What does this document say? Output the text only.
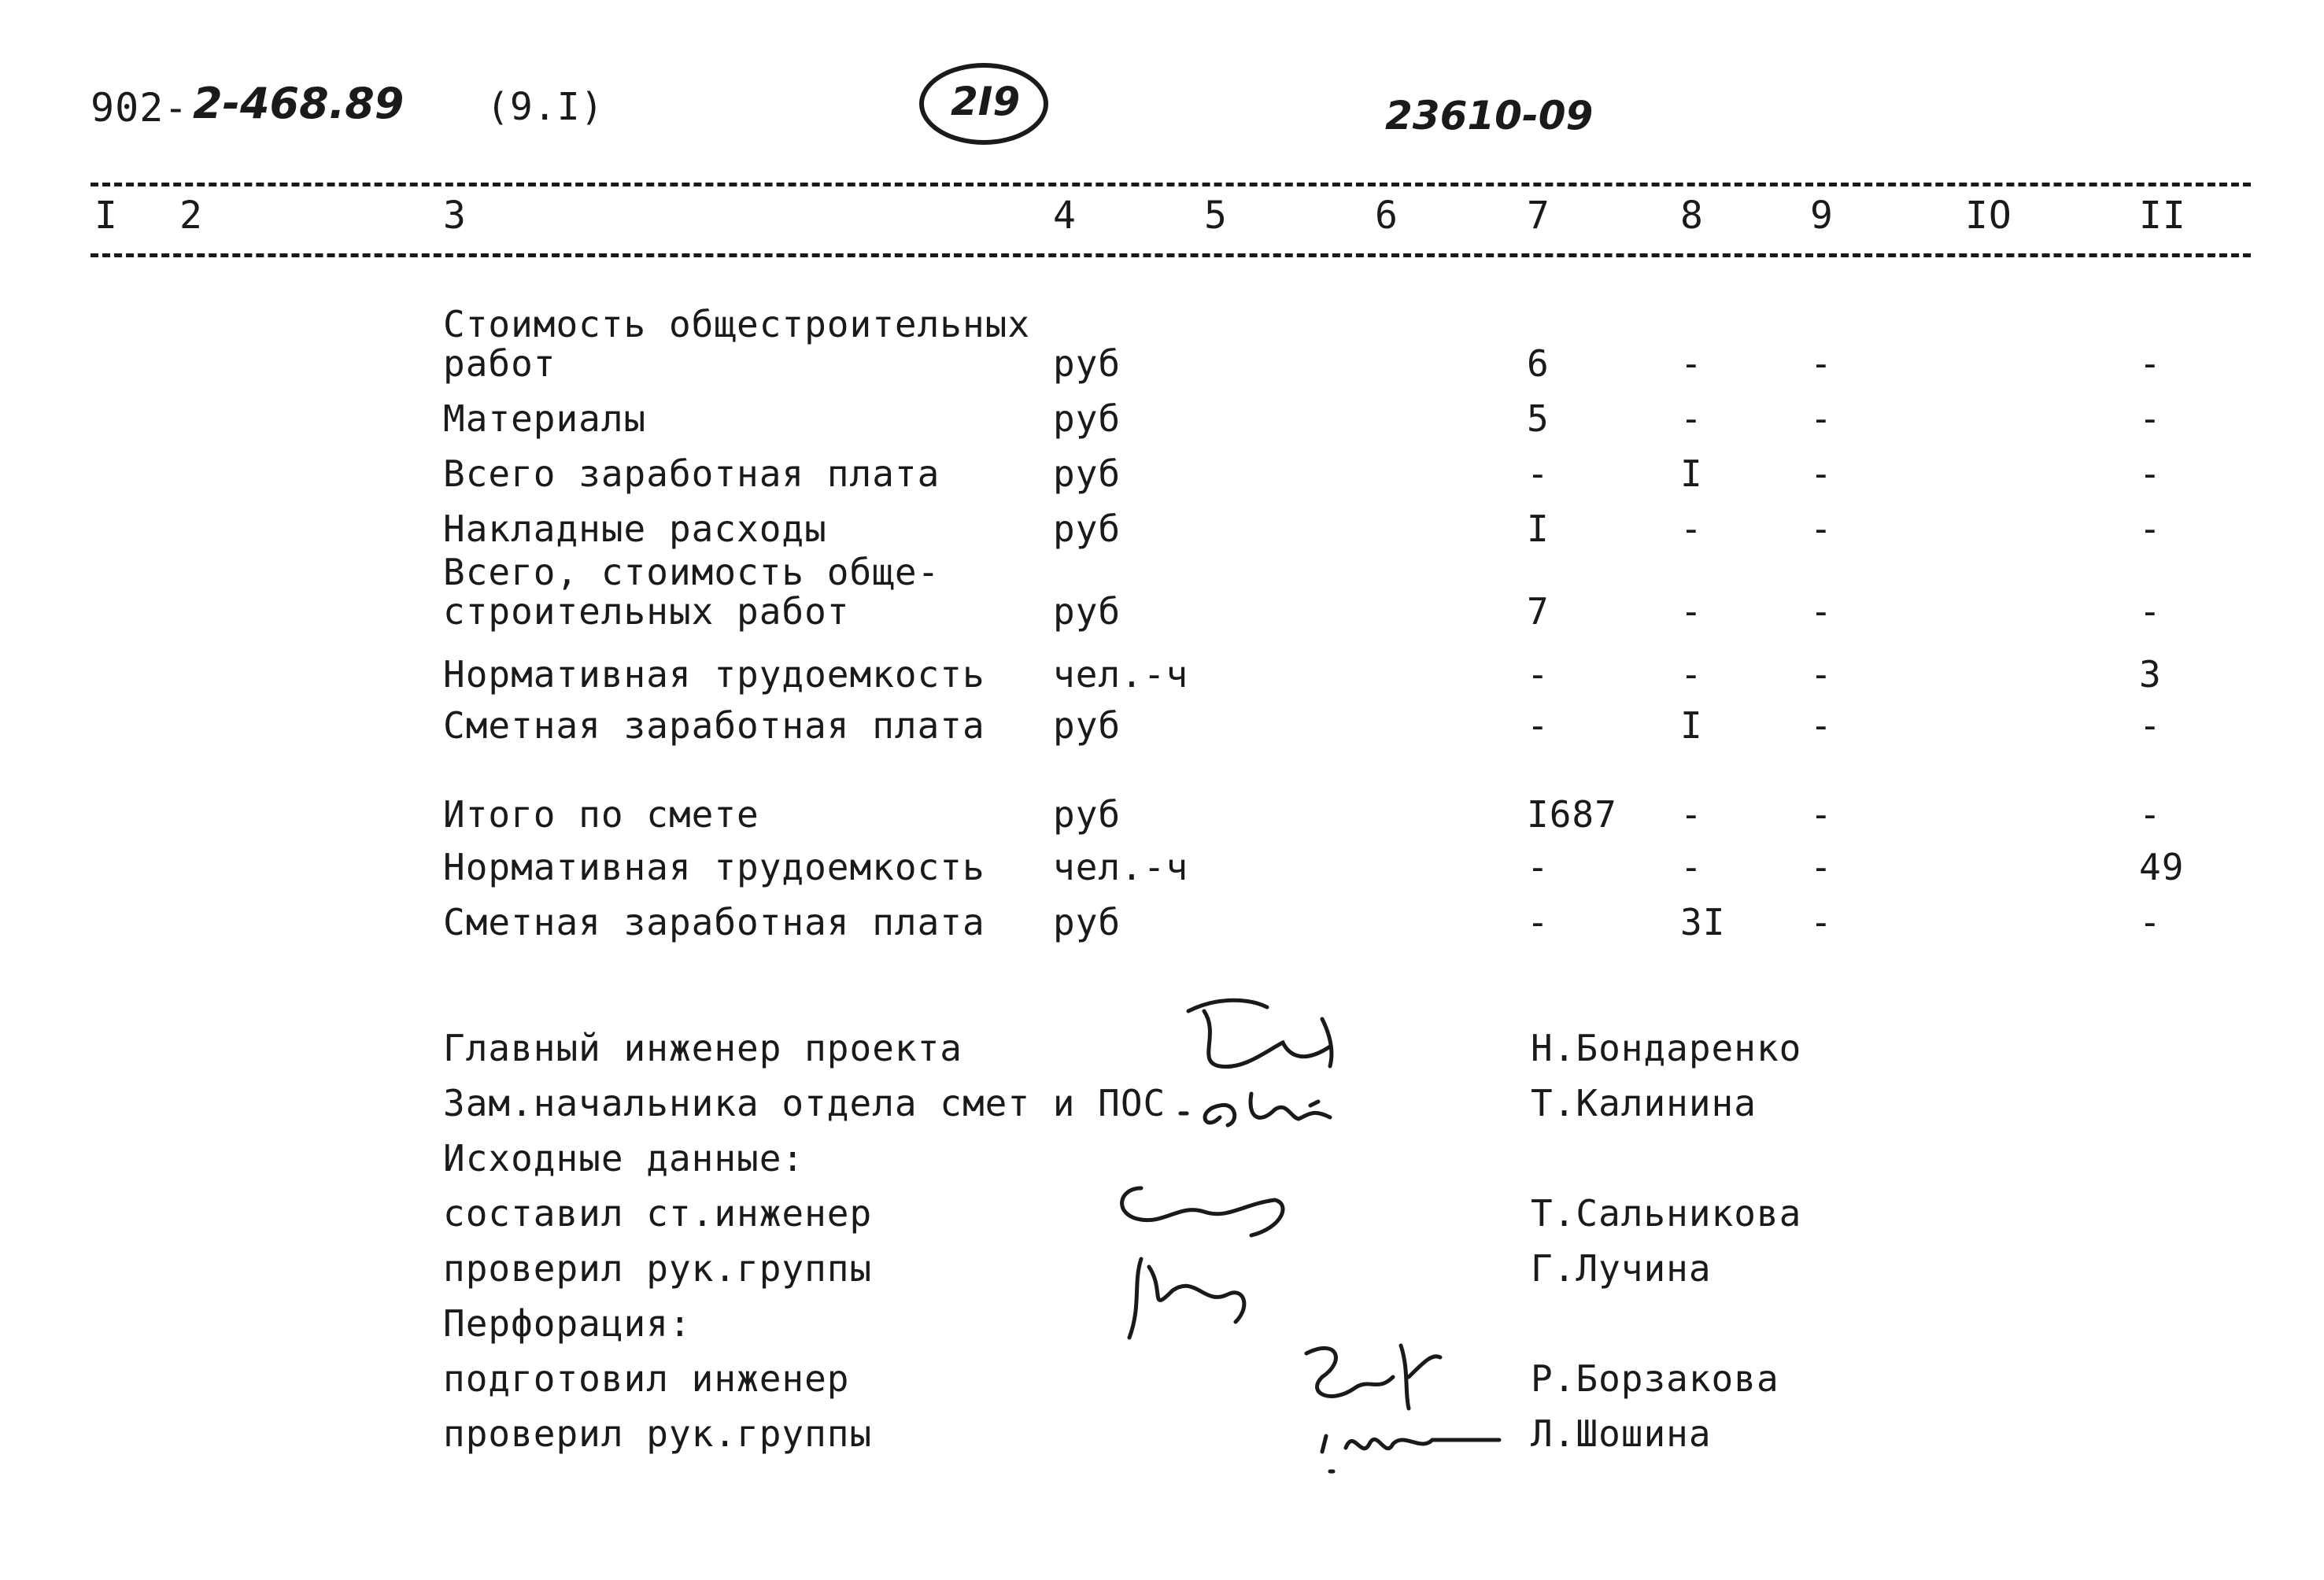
902- 2-468.89 (9.I)	2I9	23610-09
I 2	3	4	5	6	7	8	9	IO	II
Стоимость общестроительных
работ	руб	6	-	-	-
Материалы	руб	5	-	-	-
Всего заработная плата	руб	-	I	-	-
Накладные расходы	руб	I	-	-	-
Всего, стоимость обще-
строительных работ	руб	7	-	-	-
Нормативная трудоемкость чел.-ч	-	-	-	3
Сметная заработная плата руб	-	I	-	-
Итого по смете	руб	I687 -	-	-
Нормативная трудоемкость чел.-ч	-	-	-	49
Сметная заработная плата руб	-	3I -	-
Главный инженер проекта	Н.Бондаренко
Зам.начальника отдела смет и ПОС	Т.Калинина
Исходные данные:
составил ст.инженер	Т.Сальникова
проверил рук.группы	Г.Лучина
Перфорация:
подготовил инженер	Р.Борзакова
проверил рук.группы	Л.Шошина
